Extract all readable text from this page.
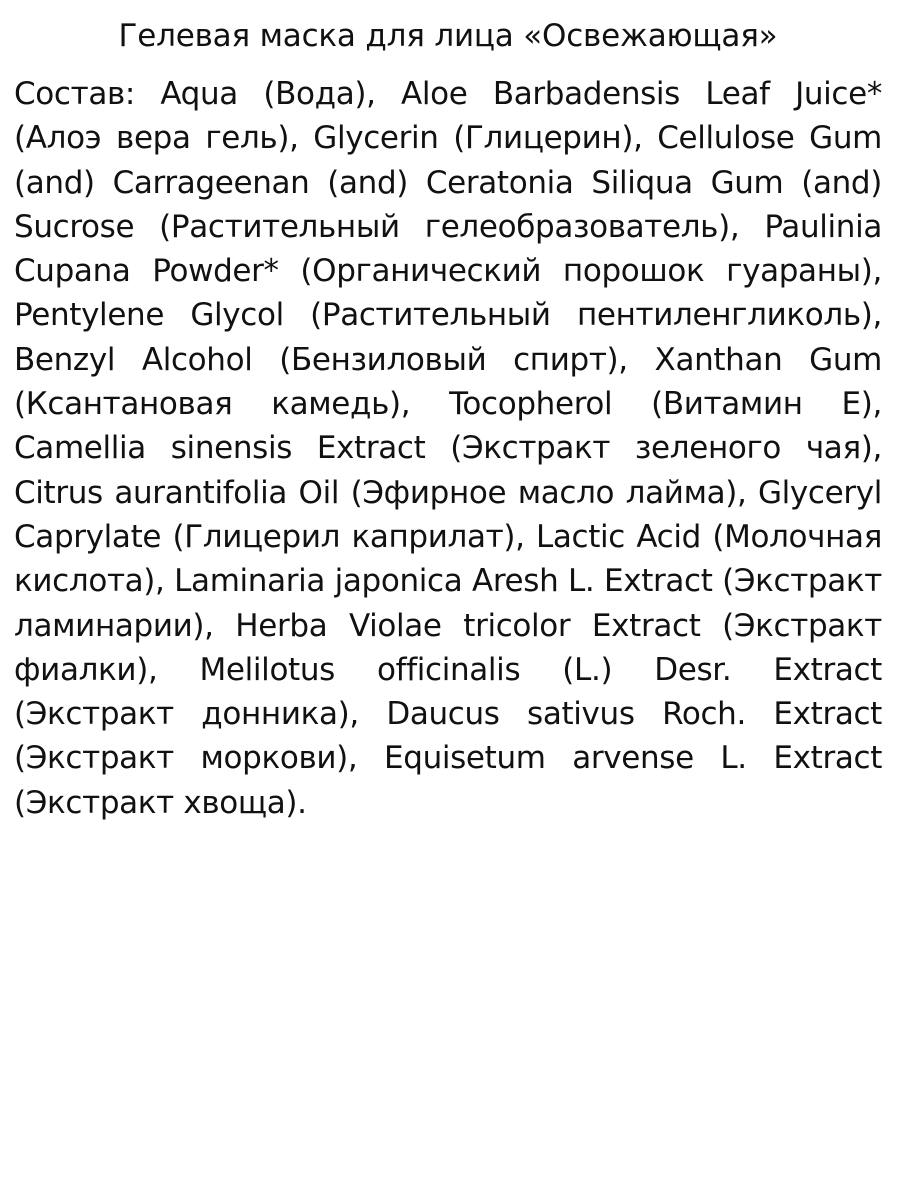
Гелевая маска для лица «Освежающая»

Состав: Aqua (Вода), Aloe Barbadensis Leaf Juice* (Алоэ вера гель), Glycerin (Глицерин), Cellulose Gum (and) Carrageenan (and) Ceratonia Siliqua Gum (and) Sucrose (Растительный гелеобразователь), Paulinia Cupana Powder* (Органический порошок гуараны), Pentylene Glycol (Растительный пентиленгликоль), Benzyl Alcohol (Бензиловый спирт), Xanthan Gum (Ксантановая камедь), Tocopherol (Витамин Е), Camellia sinensis Extract (Экстракт зеленого чая), Citrus aurantifolia Oil (Эфирное масло лайма), Glyceryl Caprylate (Глицерил каприлат), Lactic Acid (Молочная кислота), Laminaria japonica Aresh L. Extract (Экстракт ламинарии), Herba Violae tricolor Extract (Экстракт фиалки), Melilotus officinalis (L.) Desr. Extract (Экстракт донника), Daucus sativus Roch. Extract (Экстракт моркови), Equisetum arvense L. Extract (Экстракт хвоща).
